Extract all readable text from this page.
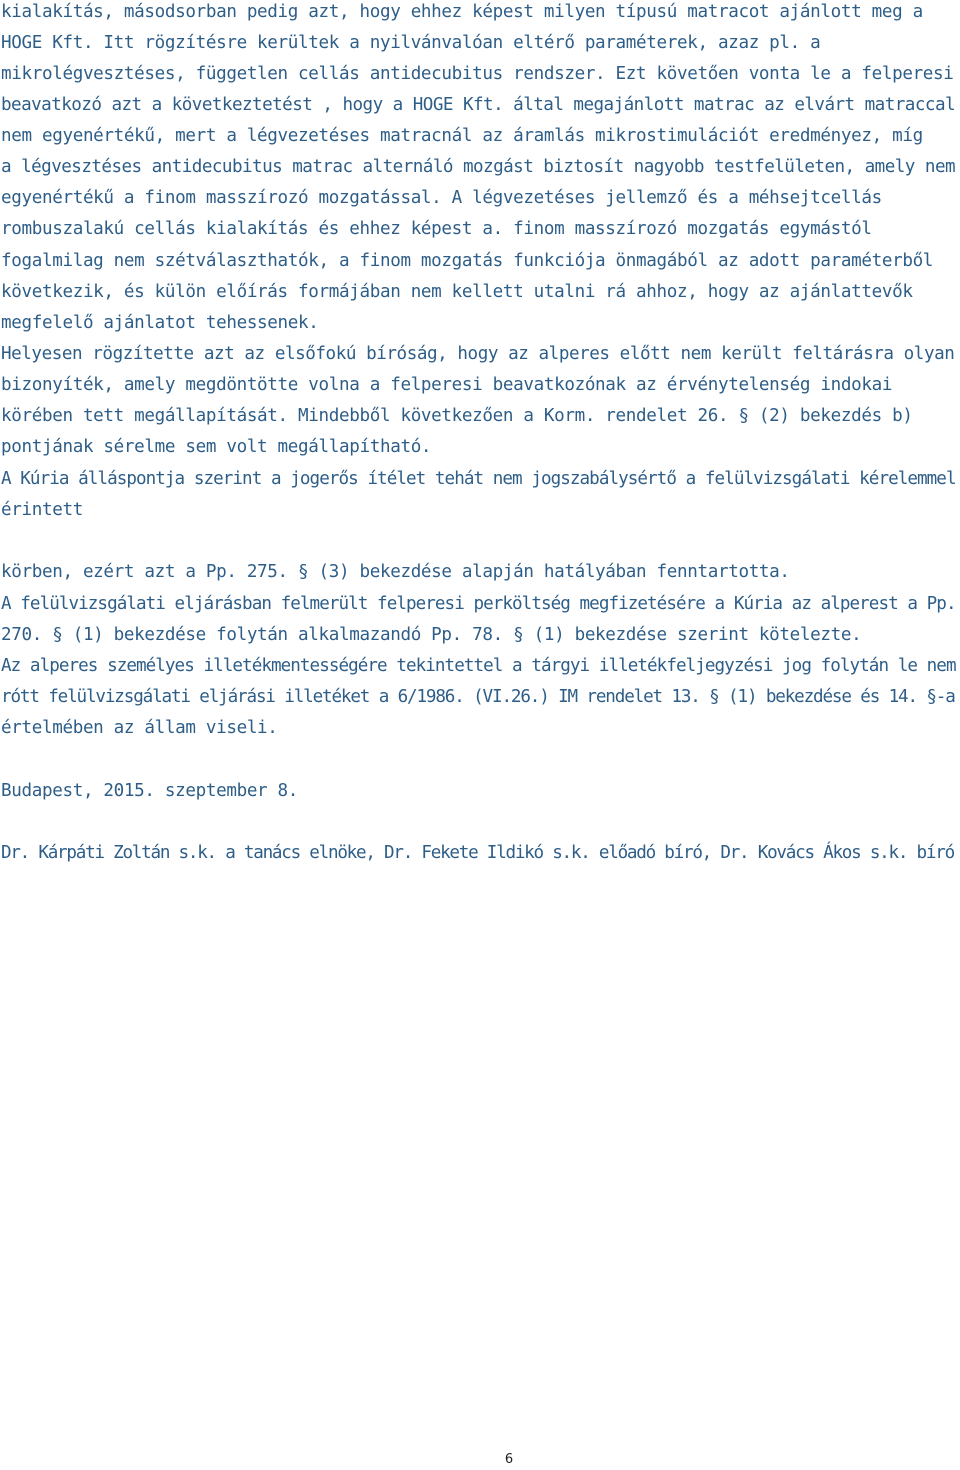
kialakítás, másodsorban pedig azt, hogy ehhez képest milyen típusú matracot ajánlott meg a

HOGE Kft. Itt rögzítésre kerültek a nyilvánvalóan eltérő paraméterek, azaz pl. a

mikrolégvesztéses, független cellás antidecubitus rendszer. Ezt követően vonta le a felperesi

beavatkozó azt a következtetést , hogy a HOGE Kft. által megajánlott matrac az elvárt matraccal

nem egyenértékű, mert a légvezetéses matracnál az áramlás mikrostimulációt eredményez, míg

a légvesztéses antidecubitus matrac alternáló mozgást biztosít nagyobb testfelületen, amely nem

egyenértékű a finom masszírozó mozgatással. A légvezetéses jellemző és a méhsejtcellás

rombuszalakú cellás kialakítás és ehhez képest a. finom masszírozó mozgatás egymástól

fogalmilag nem szétválaszthatók, a finom mozgatás funkciója önmagából az adott paraméterből

következik, és külön előírás formájában nem kellett utalni rá ahhoz, hogy az ajánlattevők

megfelelő ajánlatot tehessenek.

Helyesen rögzítette azt az elsőfokú bíróság, hogy az alperes előtt nem került feltárásra olyan

bizonyíték, amely megdöntötte volna a felperesi beavatkozónak az érvénytelenség indokai

körében tett megállapítását. Mindebből következően a Korm. rendelet 26. § (2) bekezdés b)

pontjának sérelme sem volt megállapítható.

A Kúria álláspontja szerint a jogerős ítélet tehát nem jogszabálysértő a felülvizsgálati kérelemmel

érintett

körben, ezért azt a Pp. 275. § (3) bekezdése alapján hatályában fenntartotta.

A felülvizsgálati eljárásban felmerült felperesi perköltség megfizetésére a Kúria az alperest a Pp.

270. § (1) bekezdése folytán alkalmazandó Pp. 78. § (1) bekezdése szerint kötelezte.

Az alperes személyes illetékmentességére tekintettel a tárgyi illetékfeljegyzési jog folytán le nem

rótt felülvizsgálati eljárási illetéket a 6/1986. (VI.26.) IM rendelet 13. § (1) bekezdése és 14. §-a

értelmében az állam viseli.

Budapest, 2015. szeptember 8.

Dr. Kárpáti Zoltán s.k. a tanács elnöke, Dr. Fekete Ildikó s.k. előadó bíró, Dr. Kovács Ákos s.k. bíró

6
